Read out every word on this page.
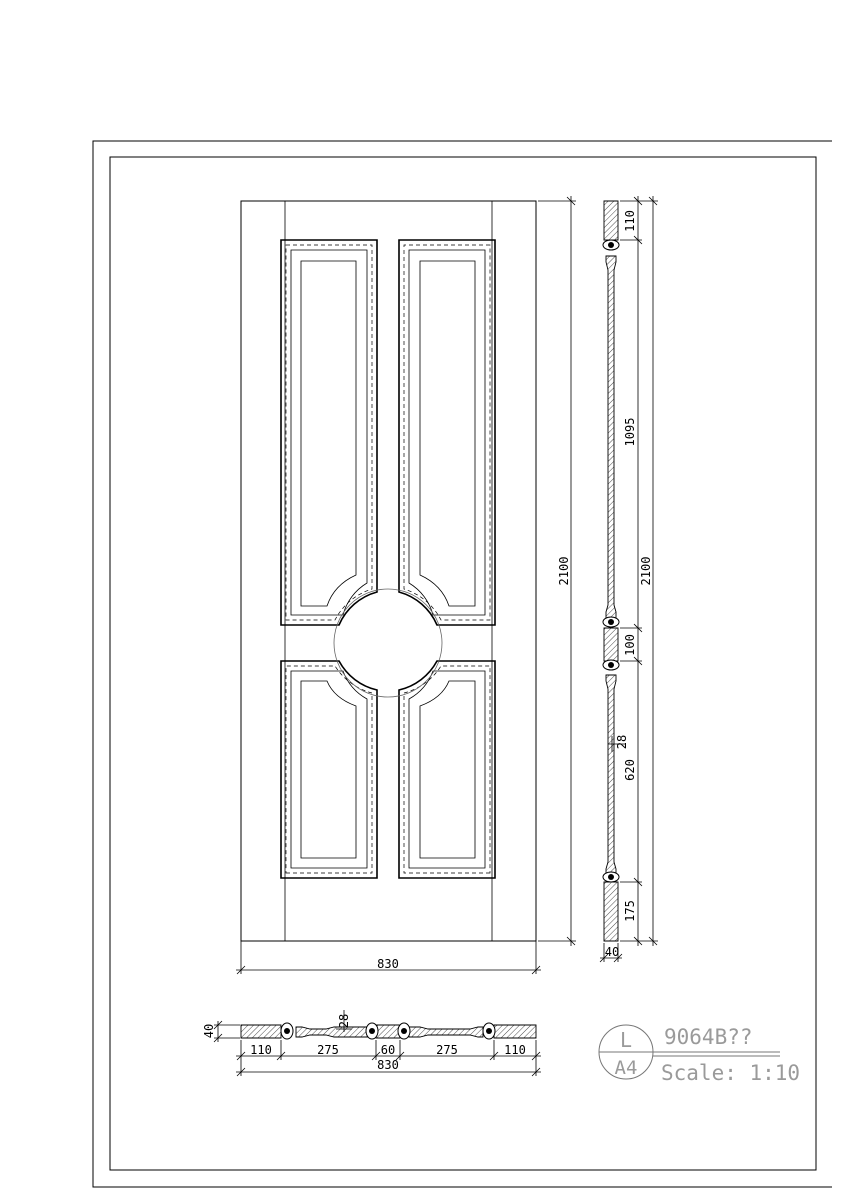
830
2100
110
1095
100
620
28
175
2100
40
40
28
110	275	60	275	110
830
L
A4
9064B??
Scale: 1:10
